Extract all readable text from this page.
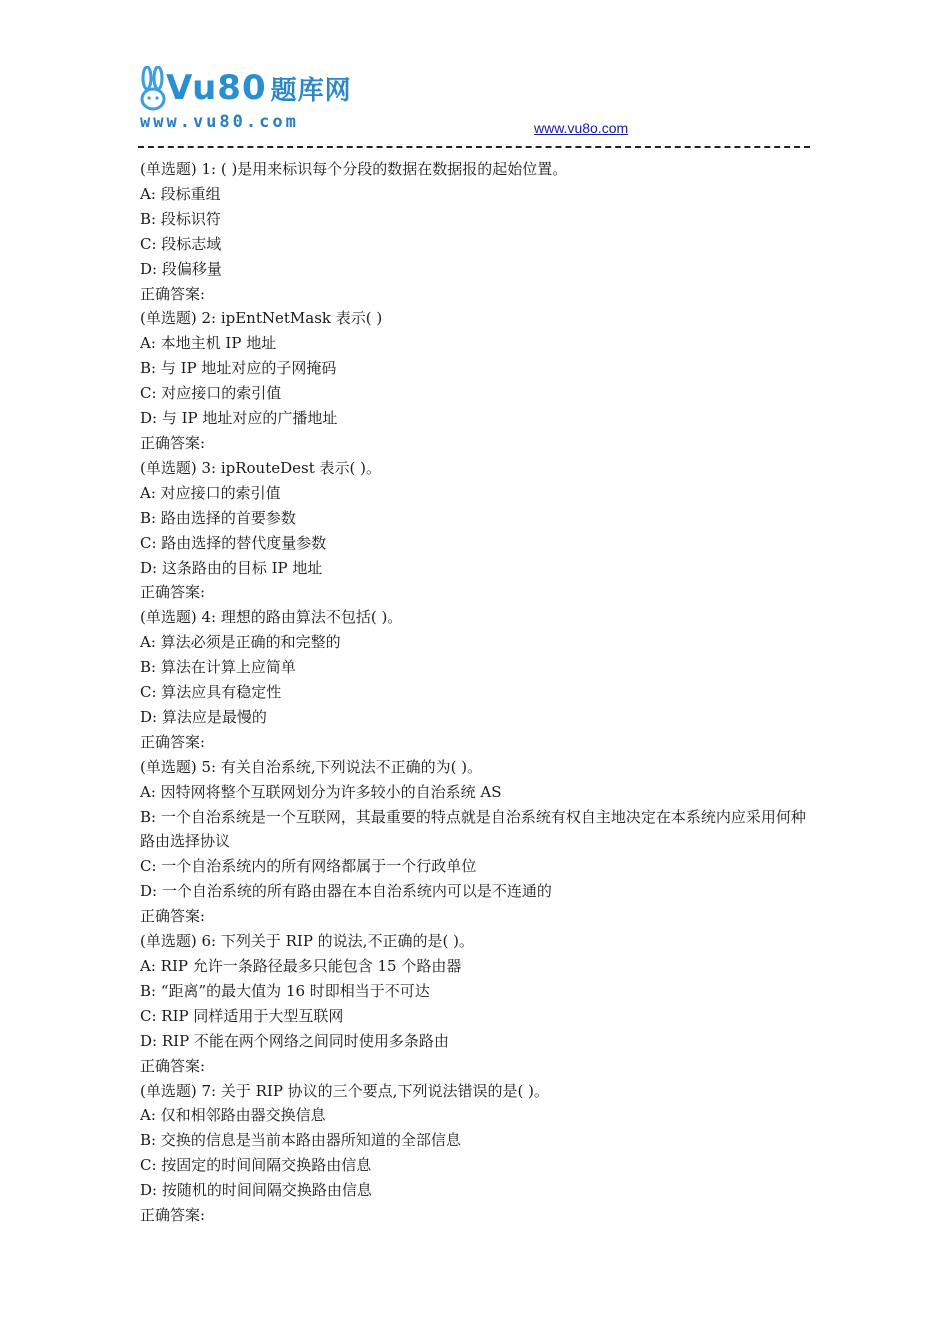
Vu80 题库网
www.vu80.com	www.vu8o.com
(单选题) 1: ( )是用来标识每个分段的数据在数据报的起始位置。
A: 段标重组
B: 段标识符
C: 段标志域
D: 段偏移量
正确答案:
(单选题) 2: ipEntNetMask 表示( )
A: 本地主机 IP 地址
B: 与 IP 地址对应的子网掩码
C: 对应接口的索引值
D: 与 IP 地址对应的广播地址
正确答案:
(单选题) 3: ipRouteDest 表示( )。
A: 对应接口的索引值
B: 路由选择的首要参数
C: 路由选择的替代度量参数
D: 这条路由的目标 IP 地址
正确答案:
(单选题) 4: 理想的路由算法不包括( )。
A: 算法必须是正确的和完整的
B: 算法在计算上应简单
C: 算法应具有稳定性
D: 算法应是最慢的
正确答案:
(单选题) 5: 有关自治系统,下列说法不正确的为( )。
A: 因特网将整个互联网划分为许多较小的自治系统 AS
B: 一个自治系统是一个互联网，其最重要的特点就是自治系统有权自主地决定在本系统内应采用何种路由选择协议
C: 一个自治系统内的所有网络都属于一个行政单位
D: 一个自治系统的所有路由器在本自治系统内可以是不连通的
正确答案:
(单选题) 6: 下列关于 RIP 的说法,不正确的是( )。
A: RIP 允许一条路径最多只能包含 15 个路由器
B: “距离”的最大值为 16 时即相当于不可达
C: RIP 同样适用于大型互联网
D: RIP 不能在两个网络之间同时使用多条路由
正确答案:
(单选题) 7: 关于 RIP 协议的三个要点,下列说法错误的是( )。
A: 仅和相邻路由器交换信息
B: 交换的信息是当前本路由器所知道的全部信息
C: 按固定的时间间隔交换路由信息
D: 按随机的时间间隔交换路由信息
正确答案:
